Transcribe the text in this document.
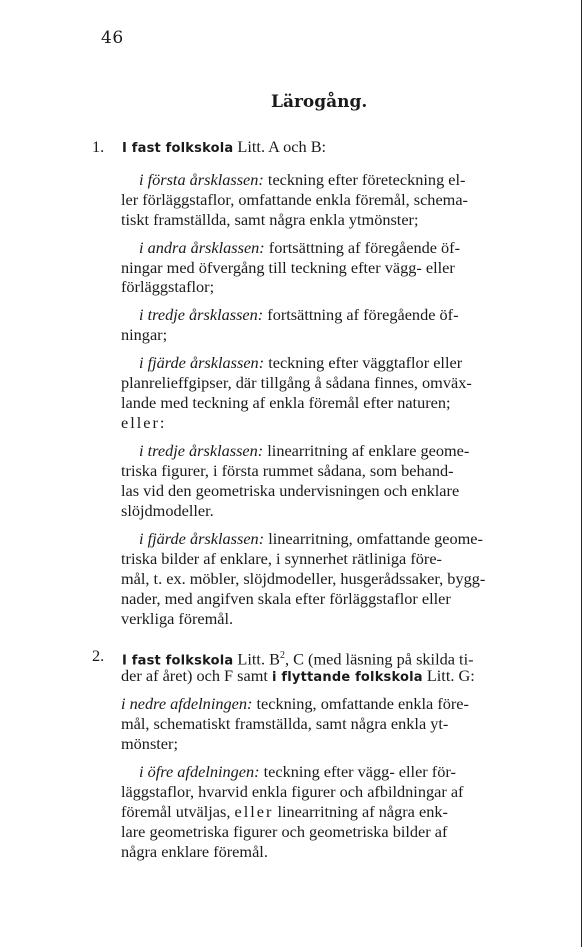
46
Lärogång.
1. I fast folkskola Litt. A och B:
i första årsklassen: teckning efter företeckning el-
ler förläggstaflor, omfattande enkla föremål, schema-
tiskt framställda, samt några enkla ytmönster;
i andra årsklassen: fortsättning af föregående öf-
ningar med öfvergång till teckning efter vägg- eller
förläggstaflor;
i tredje årsklassen: fortsättning af föregående öf-
ningar;
i fjärde årsklassen: teckning efter väggtaflor eller
planrelieffgipser, där tillgång å sådana finnes, omväx-
lande med teckning af enkla föremål efter naturen;
eller:
i tredje årsklassen: linearritning af enklare geome-
triska figurer, i första rummet sådana, som behand-
las vid den geometriska undervisningen och enklare
slöjdmodeller.
i fjärde årsklassen: linearritning, omfattande geome-
triska bilder af enklare, i synnerhet rätliniga före-
mål, t. ex. möbler, slöjdmodeller, husgerådssaker, bygg-
nader, med angifven skala efter förläggstaflor eller
verkliga föremål.
2. I fast folkskola Litt. $B^2$, C (med läsning på skilda ti-
der af året) och F samt i flyttande folkskola Litt. G:
i nedre afdelningen: teckning, omfattande enkla före-
mål, schematiskt framställda, samt några enkla yt-
mönster;
i öfre afdelningen: teckning efter vägg- eller för-
läggstaflor, hvarvid enkla figurer och afbildningar af
föremål utväljas, eller linearritning af några enk-
lare geometriska figurer och geometriska bilder af
några enklare föremål.
